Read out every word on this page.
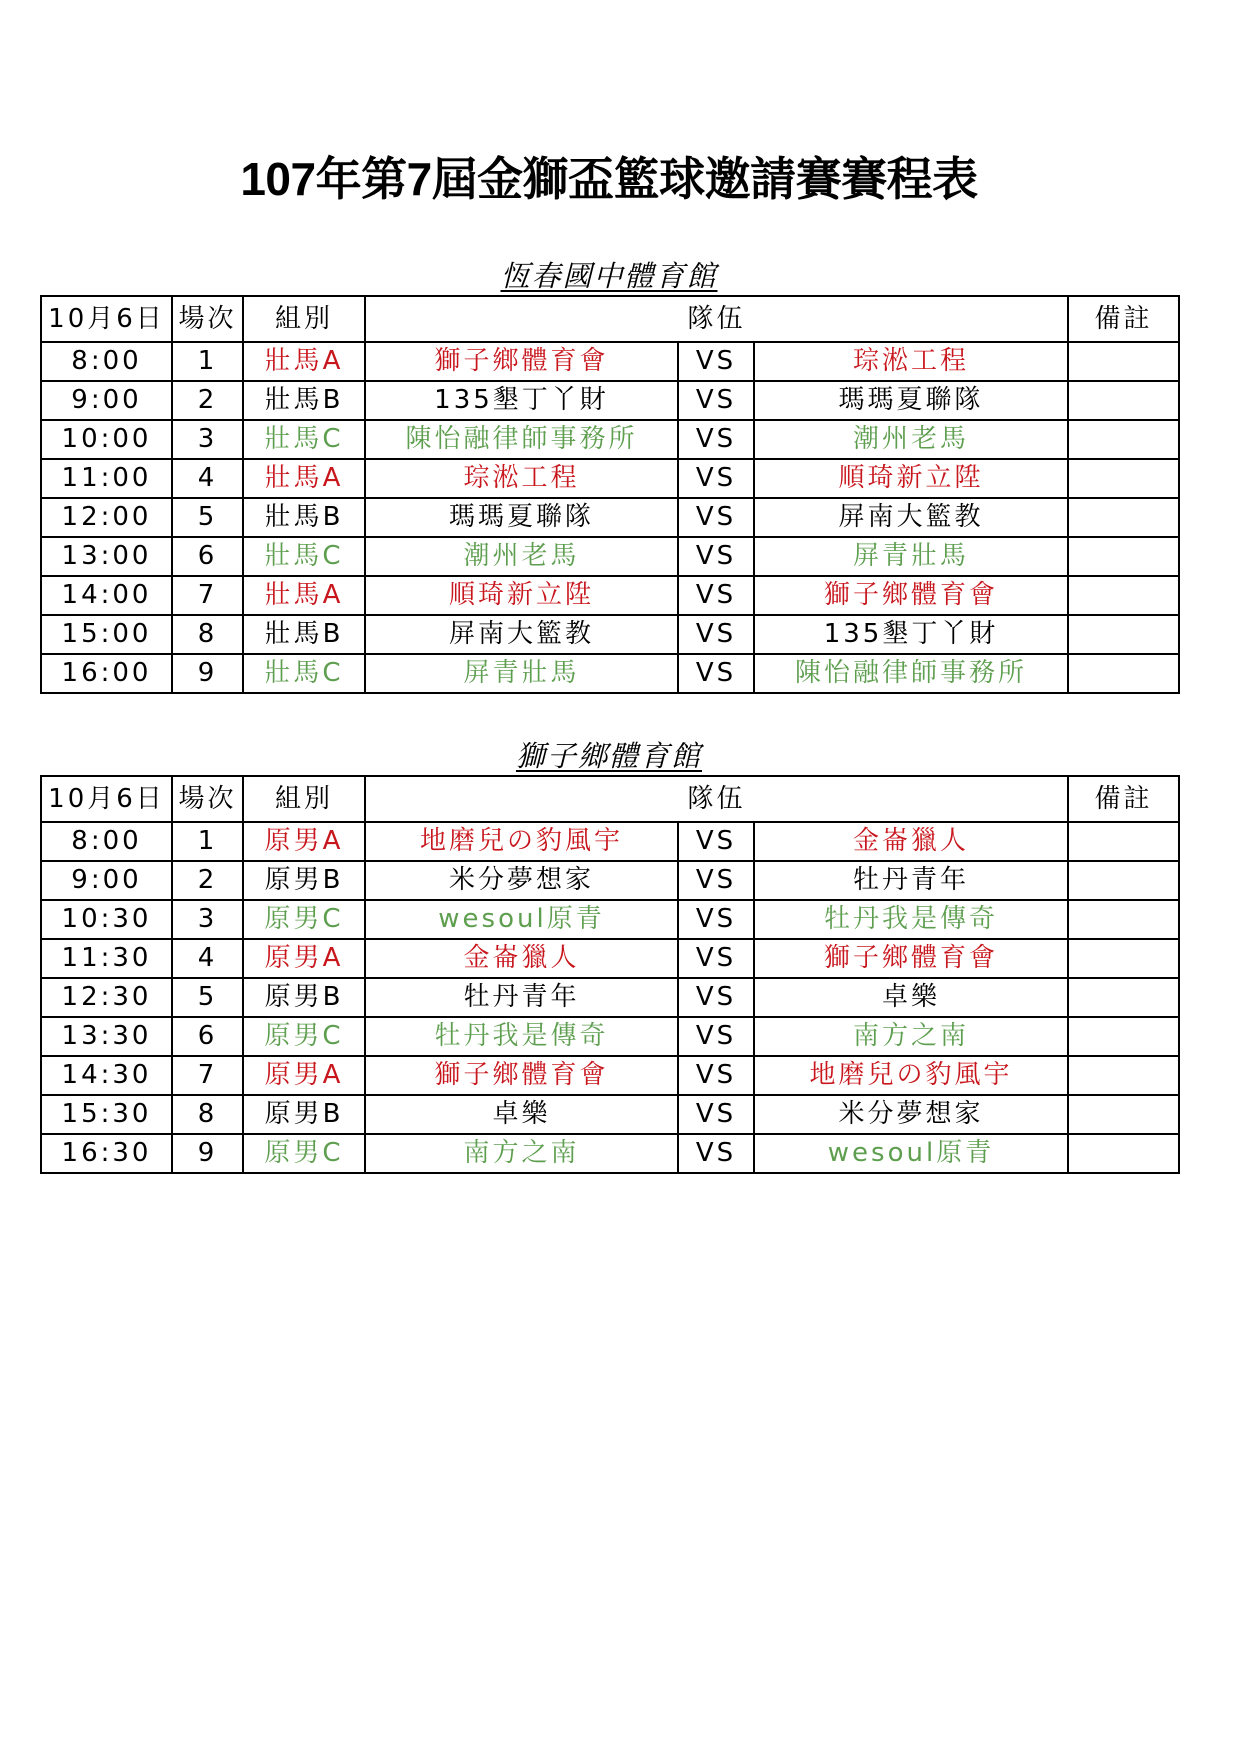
107年第7屆金獅盃籃球邀請賽賽程表
恆春國中體育館
10月6日	場次	組別	隊伍			備註
8:00	1	壯馬A	獅子鄉體育會	VS	琮淞工程	
9:00	2	壯馬B	135墾丁丫財	VS	瑪瑪夏聯隊	
10:00	3	壯馬C	陳怡融律師事務所	VS	潮州老馬	
11:00	4	壯馬A	琮淞工程	VS	順琦新立陞	
12:00	5	壯馬B	瑪瑪夏聯隊	VS	屏南大籃教	
13:00	6	壯馬C	潮州老馬	VS	屏青壯馬	
14:00	7	壯馬A	順琦新立陞	VS	獅子鄉體育會	
15:00	8	壯馬B	屏南大籃教	VS	135墾丁丫財	
16:00	9	壯馬C	屏青壯馬	VS	陳怡融律師事務所	
獅子鄉體育館
10月6日	場次	組別	隊伍			備註
8:00	1	原男A	地磨兒の豹風宇	VS	金崙獵人	
9:00	2	原男B	米分夢想家	VS	牡丹青年	
10:30	3	原男C	wesoul原青	VS	牡丹我是傳奇	
11:30	4	原男A	金崙獵人	VS	獅子鄉體育會	
12:30	5	原男B	牡丹青年	VS	卓樂	
13:30	6	原男C	牡丹我是傳奇	VS	南方之南	
14:30	7	原男A	獅子鄉體育會	VS	地磨兒の豹風宇	
15:30	8	原男B	卓樂	VS	米分夢想家	
16:30	9	原男C	南方之南	VS	wesoul原青	
